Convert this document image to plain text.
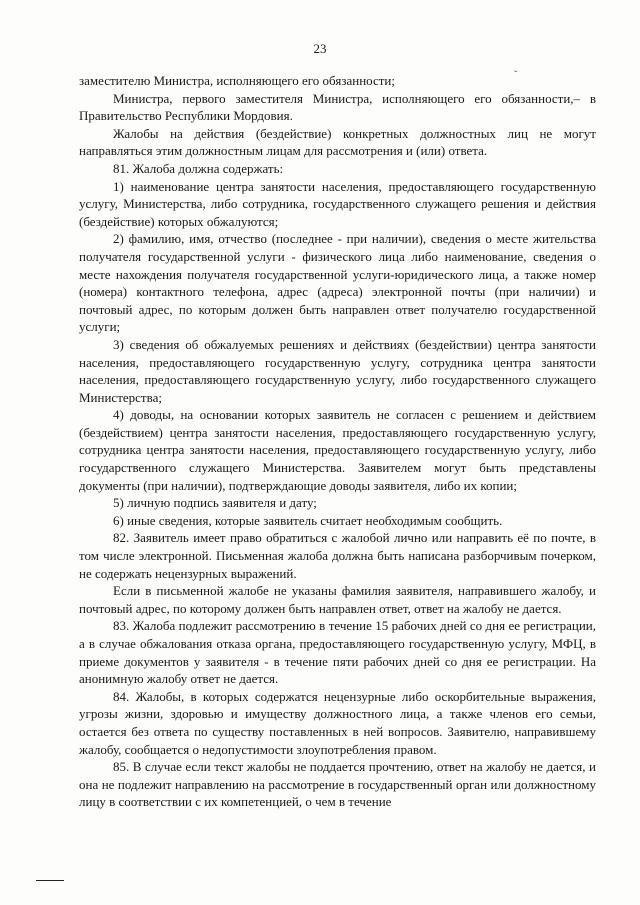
23
ˇ

заместителю Министра, исполняющего его обязанности;

Министра, первого заместителя Министра, исполняющего его обязанности,– в Правительство Республики Мордовия.

Жалобы на действия (бездействие) конкретных должностных лиц не могут направляться этим должностным лицам для рассмотрения и (или) ответа.

81. Жалоба должна содержать:

1) наименование центра занятости населения, предоставляющего государственную услугу, Министерства, либо сотрудника, государственного служащего решения и действия (бездействие) которых обжалуются;

2) фамилию, имя, отчество (последнее - при наличии), сведения о месте жительства получателя государственной услуги - физического лица либо наименование, сведения о месте нахождения получателя государственной услуги-юридического лица, а также номер (номера) контактного телефона, адрес (адреса) электронной почты (при наличии) и почтовый адрес, по которым должен быть направлен ответ получателю государственной услуги;

3) сведения об обжалуемых решениях и действиях (бездействии) центра занятости населения, предоставляющего государственную услугу, сотрудника центра занятости населения, предоставляющего государственную услугу, либо государственного служащего Министерства;

4) доводы, на основании которых заявитель не согласен с решением и действием (бездействием) центра занятости населения, предоставляющего государственную услугу, сотрудника центра занятости населения, предоставляющего государственную услугу, либо государственного служащего Министерства. Заявителем могут быть представлены документы (при наличии), подтверждающие доводы заявителя, либо их копии;

5) личную подпись заявителя и дату;

6) иные сведения, которые заявитель считает необходимым сообщить.

82. Заявитель имеет право обратиться с жалобой лично или направить её по почте, в том числе электронной. Письменная жалоба должна быть написана разборчивым почерком, не содержать нецензурных выражений.

Если в письменной жалобе не указаны фамилия заявителя, направившего жалобу, и почтовый адрес, по которому должен быть направлен ответ, ответ на жалобу не дается.

83. Жалоба подлежит рассмотрению в течение 15 рабочих дней со дня ее регистрации, а в случае обжалования отказа органа, предоставляющего государственную услугу, МФЦ, в приеме документов у заявителя - в течение пяти рабочих дней со дня ее регистрации. На анонимную жалобу ответ не дается.

84. Жалобы, в которых содержатся нецензурные либо оскорбительные выражения, угрозы жизни, здоровью и имуществу должностного лица, а также членов его семьи, остается без ответа по существу поставленных в ней вопросов. Заявителю, направившему жалобу, сообщается о недопустимости злоупотребления правом.

85. В случае если текст жалобы не поддается прочтению, ответ на жалобу не дается, и она не подлежит направлению на рассмотрение в государственный орган или должностному лицу в соответствии с их компетенцией, о чем в течение
